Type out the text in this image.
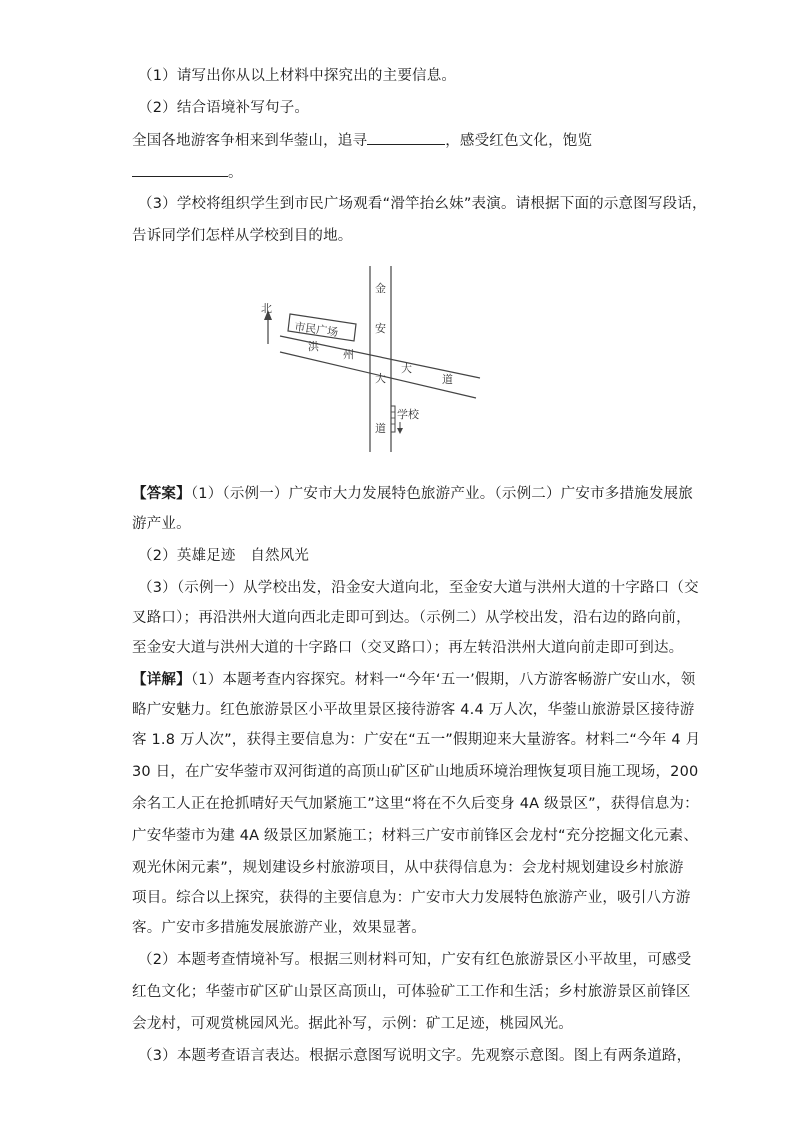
（1）请写出你从以上材料中探究出的主要信息。
（2）结合语境补写句子。
全国各地游客争相来到华蓥山，追寻	，感受红色文化，饱览
。
（3）学校将组织学生到市民广场观看“滑竿抬幺妹”表演。请根据下面的示意图写段话，
告诉同学们怎样从学校到目的地。
北
市民广场
洪
州
大
道
金
安
大
道
学校
【答案】（1）（示例一）广安市大力发展特色旅游产业。（示例二）广安市多措施发展旅
游产业。
（2）英雄足迹　自然风光
（3）（示例一）从学校出发，沿金安大道向北，至金安大道与洪州大道的十字路口（交
叉路口）；再沿洪州大道向西北走即可到达。（示例二）从学校出发，沿右边的路向前，
至金安大道与洪州大道的十字路口（交叉路口）；再左转沿洪州大道向前走即可到达。
【详解】（1）本题考查内容探究。材料一“今年‘五一’假期，八方游客畅游广安山水，领
略广安魅力。红色旅游景区小平故里景区接待游客 4.4 万人次，华蓥山旅游景区接待游
客 1.8 万人次”，获得主要信息为：广安在“五一”假期迎来大量游客。材料二“今年 4 月
30 日，在广安华蓥市双河街道的高顶山矿区矿山地质环境治理恢复项目施工现场，200
余名工人正在抢抓晴好天气加紧施工”这里“将在不久后变身 4A 级景区”，获得信息为：
广安华蓥市为建 4A 级景区加紧施工；材料三广安市前锋区会龙村“充分挖掘文化元素、
观光休闲元素”，规划建设乡村旅游项目，从中获得信息为：会龙村规划建设乡村旅游
项目。综合以上探究，获得的主要信息为：广安市大力发展特色旅游产业，吸引八方游
客。广安市多措施发展旅游产业，效果显著。
（2）本题考查情境补写。根据三则材料可知，广安有红色旅游景区小平故里，可感受
红色文化；华蓥市矿区矿山景区高顶山，可体验矿工工作和生活；乡村旅游景区前锋区
会龙村，可观赏桃园风光。据此补写，示例：矿工足迹，桃园风光。
（3）本题考查语言表达。根据示意图写说明文字。先观察示意图。图上有两条道路，
